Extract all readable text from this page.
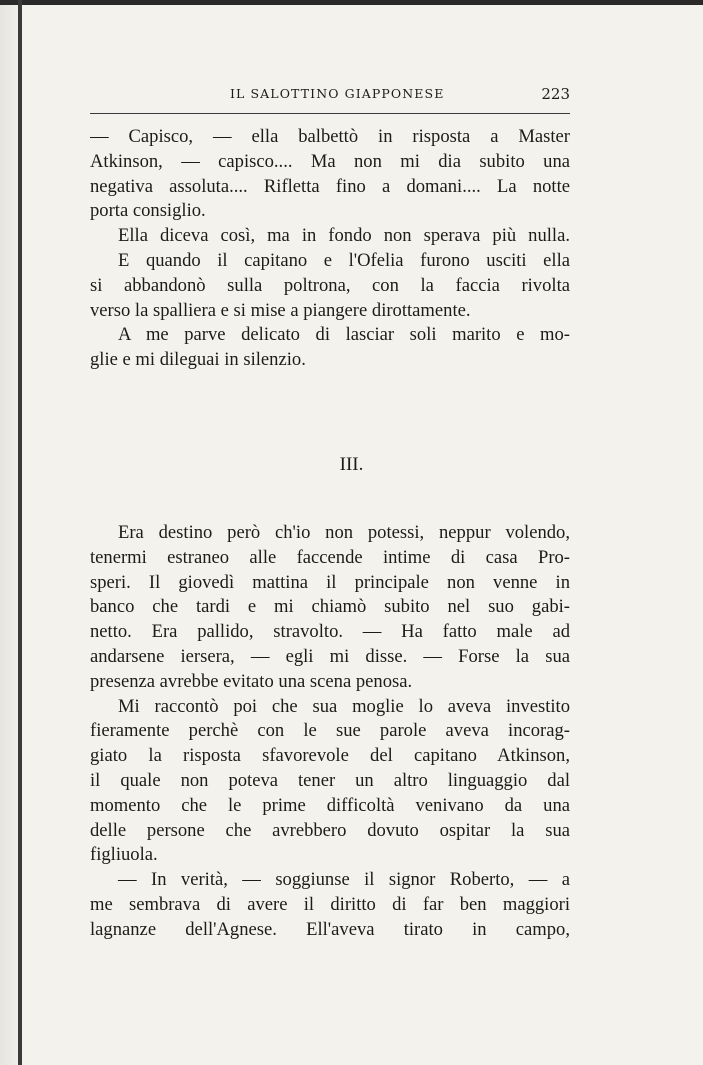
IL SALOTTINO GIAPPONESE	223
— Capisco, — ella balbettò in risposta a Master
Atkinson, — capisco.... Ma non mi dia subito una
negativa assoluta.... Rifletta fino a domani.... La notte
porta consiglio.
Ella diceva così, ma in fondo non sperava più nulla.
E quando il capitano e l'Ofelia furono usciti ella
si abbandonò sulla poltrona, con la faccia rivolta
verso la spalliera e si mise a piangere dirottamente.
A me parve delicato di lasciar soli marito e mo-
glie e mi dileguai in silenzio.
III.
Era destino però ch'io non potessi, neppur volendo,
tenermi estraneo alle faccende intime di casa Pro-
speri. Il giovedì mattina il principale non venne in
banco che tardi e mi chiamò subito nel suo gabi-
netto. Era pallido, stravolto. — Ha fatto male ad
andarsene iersera, — egli mi disse. — Forse la sua
presenza avrebbe evitato una scena penosa.
Mi raccontò poi che sua moglie lo aveva investito
fieramente perchè con le sue parole aveva incorag-
giato la risposta sfavorevole del capitano Atkinson,
il quale non poteva tener un altro linguaggio dal
momento che le prime difficoltà venivano da una
delle persone che avrebbero dovuto ospitar la sua
figliuola.
— In verità, — soggiunse il signor Roberto, — a
me sembrava di avere il diritto di far ben maggiori
lagnanze dell'Agnese. Ell'aveva tirato in campo,
